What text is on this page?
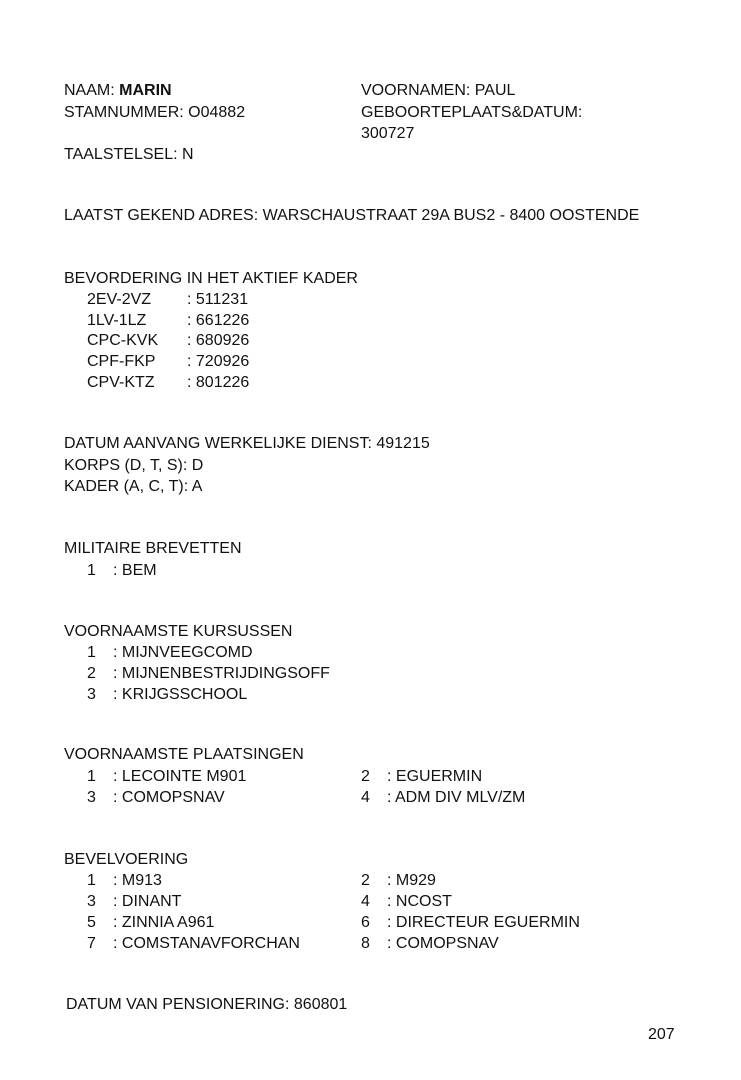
NAAM: MARIN	VOORNAMEN: PAUL
STAMNUMMER: O04882	GEBOORTEPLAATS&DATUM:
300727
TAALSTELSEL: N
LAATST GEKEND ADRES: WARSCHAUSTRAAT 29A BUS2 - 8400 OOSTENDE
BEVORDERING IN HET AKTIEF KADER
2EV-2VZ : 511231
1LV-1LZ	: 661226
CPC-KVK : 680926
CPF-FKP : 720926
CPV-KTZ : 801226
DATUM AANVANG WERKELIJKE DIENST: 491215
KORPS (D, T, S): D
KADER (A, C, T): A
MILITAIRE BREVETTEN
1 : BEM
VOORNAAMSTE KURSUSSEN
1 : MIJNVEEGCOMD
2 : MIJNENBESTRIJDINGSOFF
3 : KRIJGSSCHOOL
VOORNAAMSTE PLAATSINGEN
1 : LECOINTE M901	2 : EGUERMIN
3 : COMOPSNAV	4 : ADM DIV MLV/ZM
BEVELVOERING
1 : M913	2 : M929
3 : DINANT	4 : NCOST
5 : ZINNIA A961	6 : DIRECTEUR EGUERMIN
7 : COMSTANAVFORCHAN	8 : COMOPSNAV
DATUM VAN PENSIONERING: 860801
207
